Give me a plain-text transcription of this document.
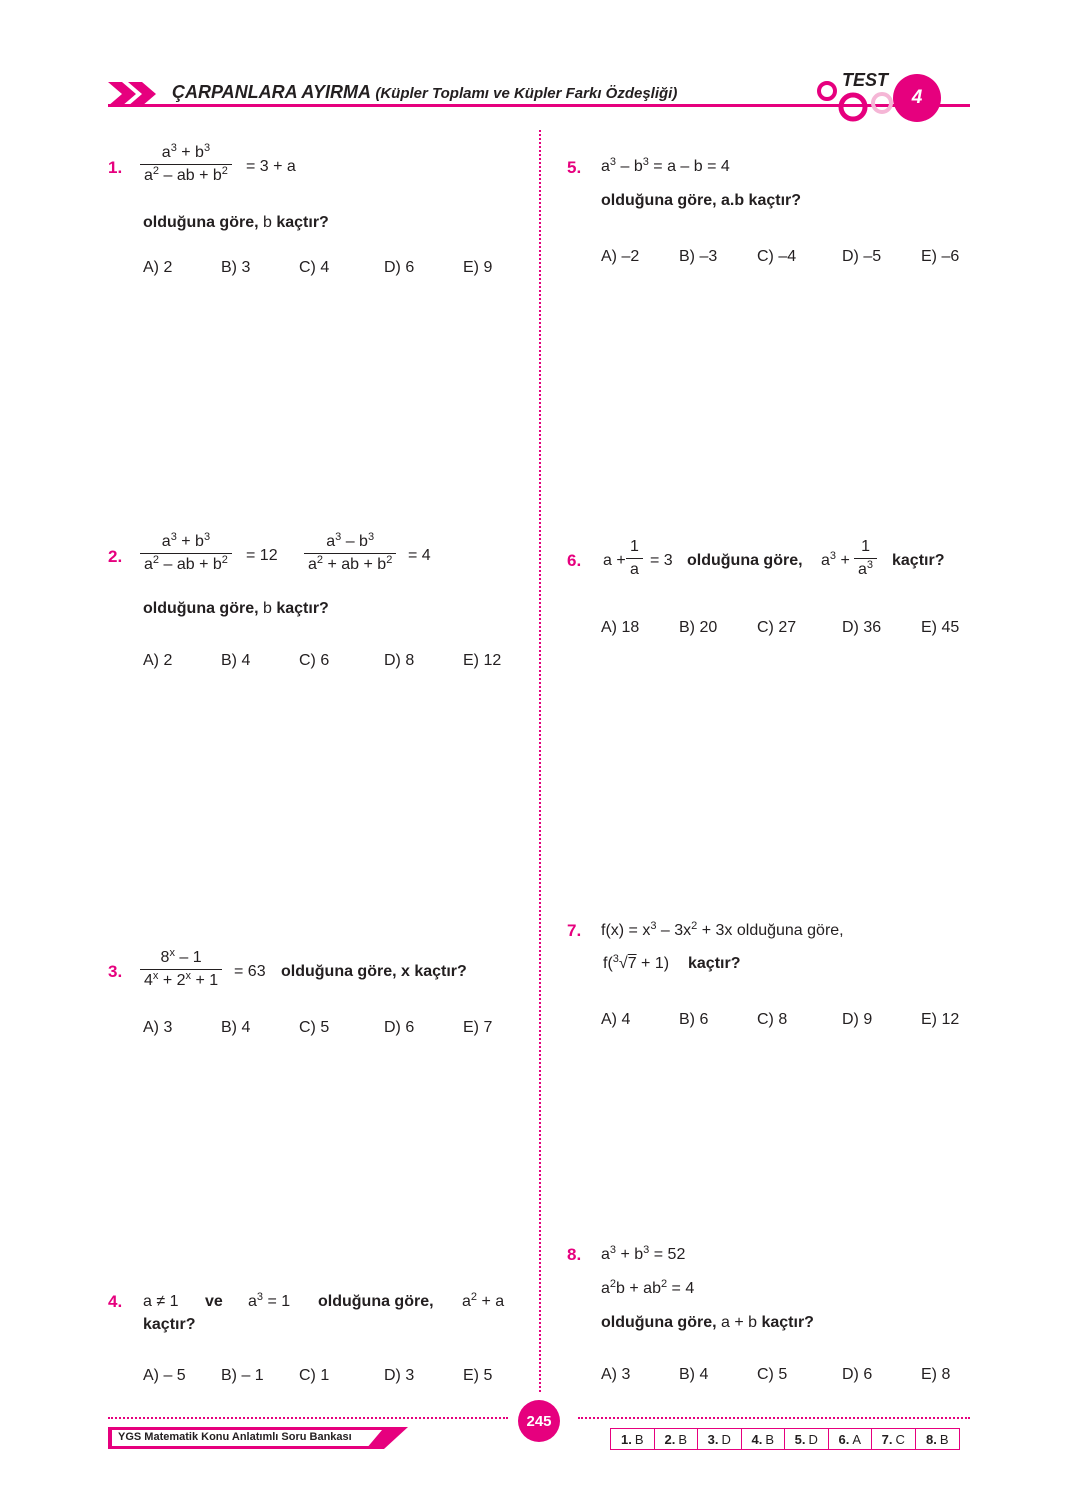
ÇARPANLARA AYIRMA (Küpler Toplamı ve Küpler Farkı Özdeşliği)
TEST
4
1. $\frac{a^3 + b^3}{a^2 - ab + b^2} = 3 + a$
olduğuna göre, b kaçtır?
A) 2	B) 3	C) 4	D) 6	E) 9
2. $\frac{a^3 + b^3}{a^2 - ab + b^2} = 12 \frac{a^3 - b^3}{a^2 + ab + b^2} = 4$
olduğuna göre, b kaçtır?
A) 2	B) 4	C) 6	D) 8	E) 12
3. $\frac{8^x - 1}{4^x + 2^x + 1} = 63$ olduğuna göre, x kaçtır?
A) 3	B) 4	C) 5	D) 6	E) 7
4. a ≠ 1 ve $a^3 = 1$ olduğuna göre, $a^2 + a$
kaçtır?
A) – 5 B) – 1 C) 1	D) 3	E) 5
5. $a^3 - b^3 = a - b = 4$
olduğuna göre, a.b kaçtır?
A) –2 B) –3 C) –4	D) –5 E) –6
6. $a + \frac{1}{a} = 3$ olduğuna göre, $a^3 + \frac{1}{a^3}$ kaçtır?
A) 18 B) 20 C) 27	D) 36 E) 45
7. $f(x) = x^3 - 3x^2 + 3x$ olduğuna göre,
f($^3$√7 + 1) kaçtır?
A) 4	B) 6	C) 8	D) 9	E) 12
8. $a^3 + b^3 = 52$
$a^2b + ab^2 = 4$
olduğuna göre, a + b kaçtır?
A) 3	B) 4	C) 5	D) 6	E) 8
245
YGS Matematik Konu Anlatımlı Soru Bankası	1. B 2. B 3. D 4. B 5. D 6. A 7. C 8. B
